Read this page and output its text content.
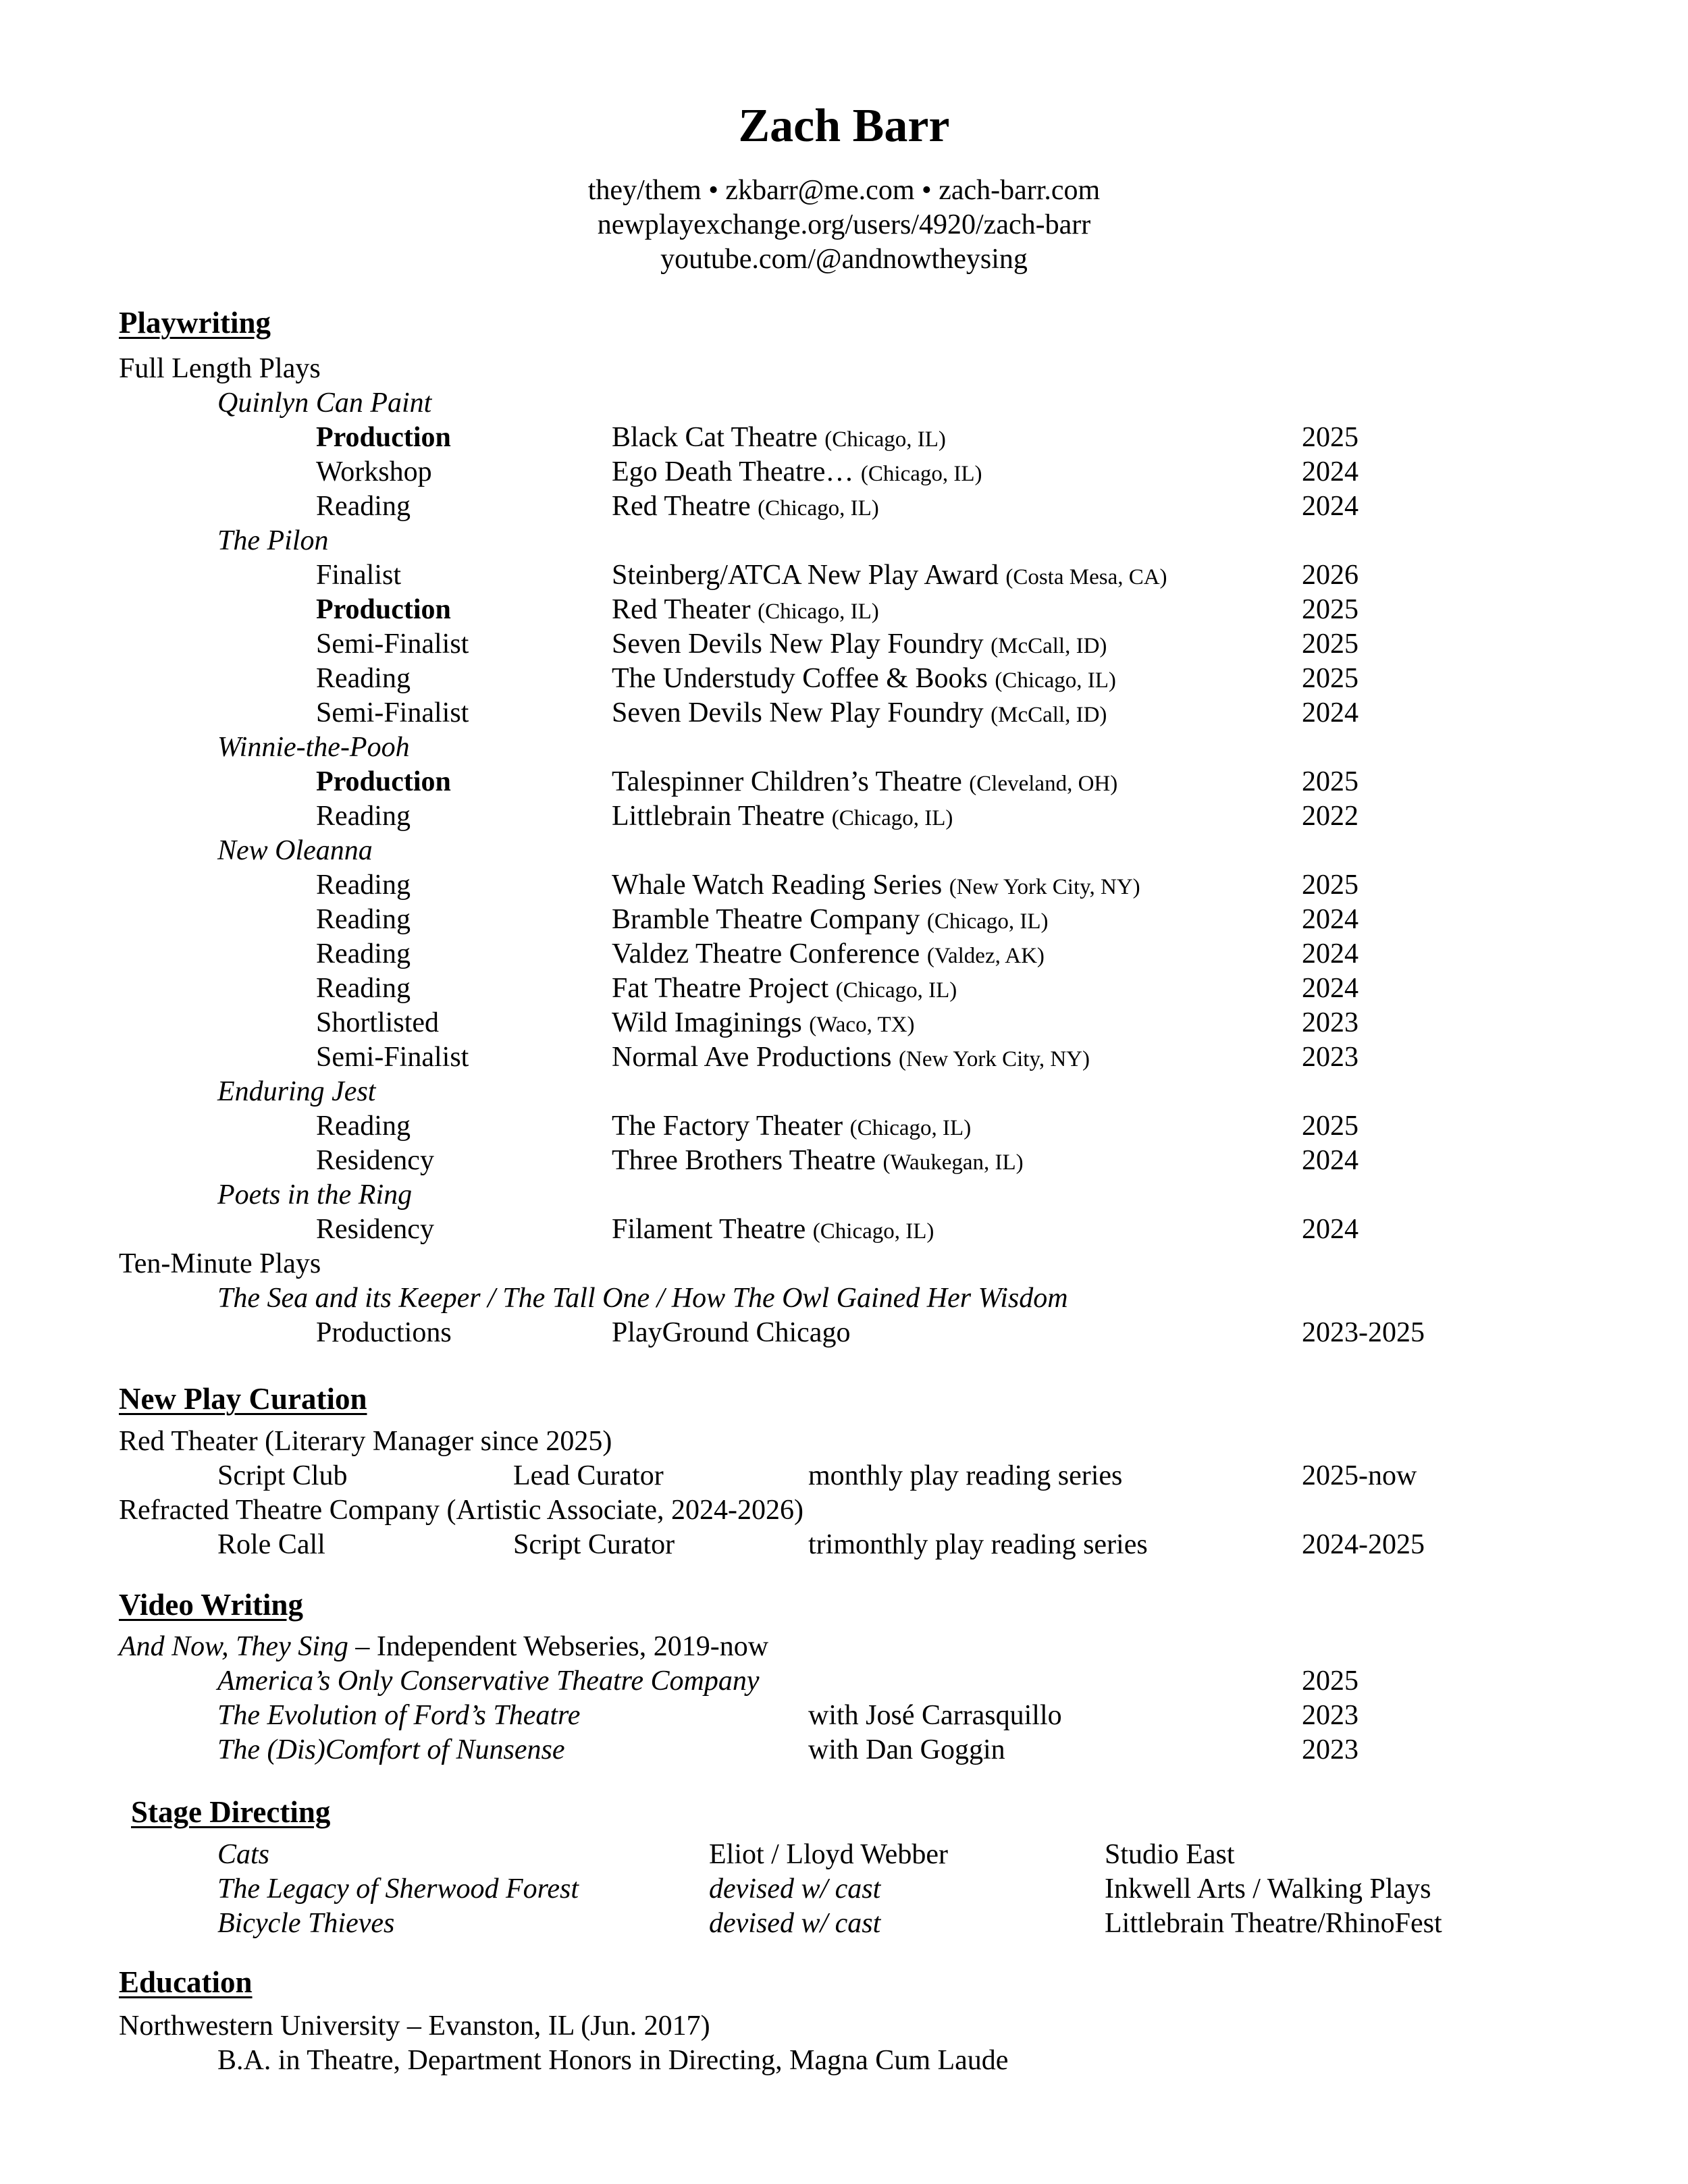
Zach Barr
they/them • zkbarr@me.com • zach-barr.com
newplayexchange.org/users/4920/zach-barr
youtube.com/@andnowtheysing
Playwriting
Full Length Plays
Quinlyn Can Paint
Production	Black Cat Theatre (Chicago, IL)	2025
Workshop	Ego Death Theatre… (Chicago, IL)	2024
Reading	Red Theatre (Chicago, IL)	2024
The Pilon
Finalist	Steinberg/ATCA New Play Award (Costa Mesa, CA)	2026
Production	Red Theater (Chicago, IL)	2025
Semi-Finalist	Seven Devils New Play Foundry (McCall, ID)	2025
Reading	The Understudy Coffee & Books (Chicago, IL)	2025
Semi-Finalist	Seven Devils New Play Foundry (McCall, ID)	2024
Winnie-the-Pooh
Production	Talespinner Children’s Theatre (Cleveland, OH)	2025
Reading	Littlebrain Theatre (Chicago, IL)	2022
New Oleanna
Reading	Whale Watch Reading Series (New York City, NY)	2025
Reading	Bramble Theatre Company (Chicago, IL)	2024
Reading	Valdez Theatre Conference (Valdez, AK)	2024
Reading	Fat Theatre Project (Chicago, IL)	2024
Shortlisted	Wild Imaginings (Waco, TX)	2023
Semi-Finalist	Normal Ave Productions (New York City, NY)	2023
Enduring Jest
Reading	The Factory Theater (Chicago, IL)	2025
Residency	Three Brothers Theatre (Waukegan, IL)	2024
Poets in the Ring
Residency	Filament Theatre (Chicago, IL)	2024
Ten-Minute Plays
The Sea and its Keeper / The Tall One / How The Owl Gained Her Wisdom
Productions	PlayGround Chicago	2023-2025
New Play Curation
Red Theater (Literary Manager since 2025)
Script Club	Lead Curator	monthly play reading series	2025-now
Refracted Theatre Company (Artistic Associate, 2024-2026)
Role Call	Script Curator	trimonthly play reading series	2024-2025
Video Writing
And Now, They Sing – Independent Webseries, 2019-now
America’s Only Conservative Theatre Company	2025
The Evolution of Ford’s Theatre	with José Carrasquillo	2023
The (Dis)Comfort of Nunsense	with Dan Goggin	2023
Stage Directing
Cats	Eliot / Lloyd Webber	Studio East
The Legacy of Sherwood Forest	devised w/ cast	Inkwell Arts / Walking Plays
Bicycle Thieves	devised w/ cast	Littlebrain Theatre/RhinoFest
Education
Northwestern University – Evanston, IL (Jun. 2017)
B.A. in Theatre, Department Honors in Directing, Magna Cum Laude
